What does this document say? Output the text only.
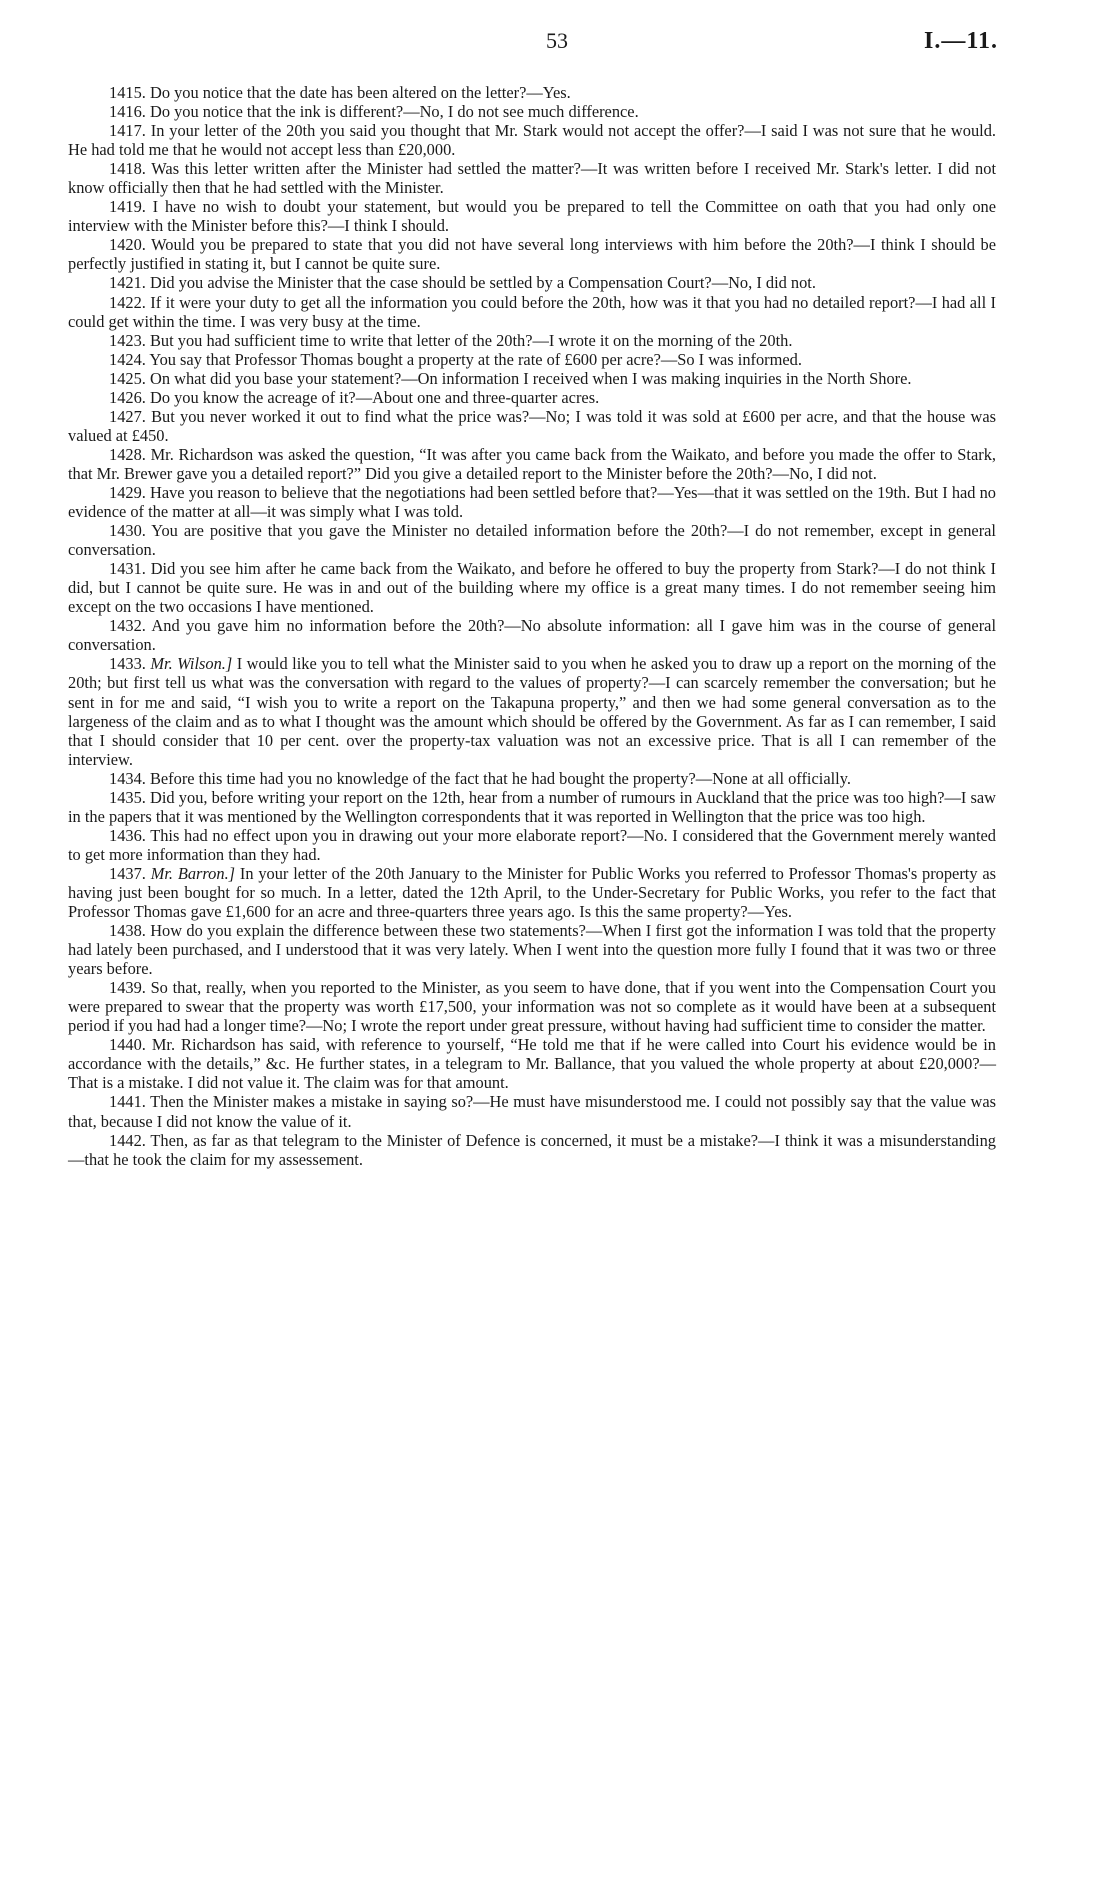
53	I.—11.

1415. Do you notice that the date has been altered on the letter?—Yes.

1416. Do you notice that the ink is different?—No, I do not see much difference.

1417. In your letter of the 20th you said you thought that Mr. Stark would not accept the offer?—I said I was not sure that he would. He had told me that he would not accept less than £20,000.

1418. Was this letter written after the Minister had settled the matter?—It was written before I received Mr. Stark's letter. I did not know officially then that he had settled with the Minister.

1419. I have no wish to doubt your statement, but would you be prepared to tell the Committee on oath that you had only one interview with the Minister before this?—I think I should.

1420. Would you be prepared to state that you did not have several long interviews with him before the 20th?—I think I should be perfectly justified in stating it, but I cannot be quite sure.

1421. Did you advise the Minister that the case should be settled by a Compensation Court?—No, I did not.

1422. If it were your duty to get all the information you could before the 20th, how was it that you had no detailed report?—I had all I could get within the time. I was very busy at the time.

1423. But you had sufficient time to write that letter of the 20th?—I wrote it on the morning of the 20th.

1424. You say that Professor Thomas bought a property at the rate of £600 per acre?—So I was informed.

1425. On what did you base your statement?—On information I received when I was making inquiries in the North Shore.

1426. Do you know the acreage of it?—About one and three-quarter acres.

1427. But you never worked it out to find what the price was?—No; I was told it was sold at £600 per acre, and that the house was valued at £450.

1428. Mr. Richardson was asked the question, “It was after you came back from the Waikato, and before you made the offer to Stark, that Mr. Brewer gave you a detailed report?” Did you give a detailed report to the Minister before the 20th?—No, I did not.

1429. Have you reason to believe that the negotiations had been settled before that?—Yes—that it was settled on the 19th. But I had no evidence of the matter at all—it was simply what I was told.

1430. You are positive that you gave the Minister no detailed information before the 20th?—I do not remember, except in general conversation.

1431. Did you see him after he came back from the Waikato, and before he offered to buy the property from Stark?—I do not think I did, but I cannot be quite sure. He was in and out of the building where my office is a great many times. I do not remember seeing him except on the two occasions I have mentioned.

1432. And you gave him no information before the 20th?—No absolute information: all I gave him was in the course of general conversation.

1433. Mr. Wilson.] I would like you to tell what the Minister said to you when he asked you to draw up a report on the morning of the 20th; but first tell us what was the conversation with regard to the values of property?—I can scarcely remember the conversation; but he sent in for me and said, “I wish you to write a report on the Takapuna property,” and then we had some general conversation as to the largeness of the claim and as to what I thought was the amount which should be offered by the Government. As far as I can remember, I said that I should consider that 10 per cent. over the property-tax valuation was not an excessive price. That is all I can remember of the interview.

1434. Before this time had you no knowledge of the fact that he had bought the property?—None at all officially.

1435. Did you, before writing your report on the 12th, hear from a number of rumours in Auckland that the price was too high?—I saw in the papers that it was mentioned by the Wellington correspondents that it was reported in Wellington that the price was too high.

1436. This had no effect upon you in drawing out your more elaborate report?—No. I considered that the Government merely wanted to get more information than they had.

1437. Mr. Barron.] In your letter of the 20th January to the Minister for Public Works you referred to Professor Thomas's property as having just been bought for so much. In a letter, dated the 12th April, to the Under-Secretary for Public Works, you refer to the fact that Professor Thomas gave £1,600 for an acre and three-quarters three years ago. Is this the same property?—Yes.

1438. How do you explain the difference between these two statements?—When I first got the information I was told that the property had lately been purchased, and I understood that it was very lately. When I went into the question more fully I found that it was two or three years before.

1439. So that, really, when you reported to the Minister, as you seem to have done, that if you went into the Compensation Court you were prepared to swear that the property was worth £17,500, your information was not so complete as it would have been at a subsequent period if you had had a longer time?—No; I wrote the report under great pressure, without having had sufficient time to consider the matter.

1440. Mr. Richardson has said, with reference to yourself, “He told me that if he were called into Court his evidence would be in accordance with the details,” &c. He further states, in a telegram to Mr. Ballance, that you valued the whole property at about £20,000?—That is a mistake. I did not value it. The claim was for that amount.

1441. Then the Minister makes a mistake in saying so?—He must have misunderstood me. I could not possibly say that the value was that, because I did not know the value of it.

1442. Then, as far as that telegram to the Minister of Defence is concerned, it must be a mistake?—I think it was a misunderstanding—that he took the claim for my assessement.
